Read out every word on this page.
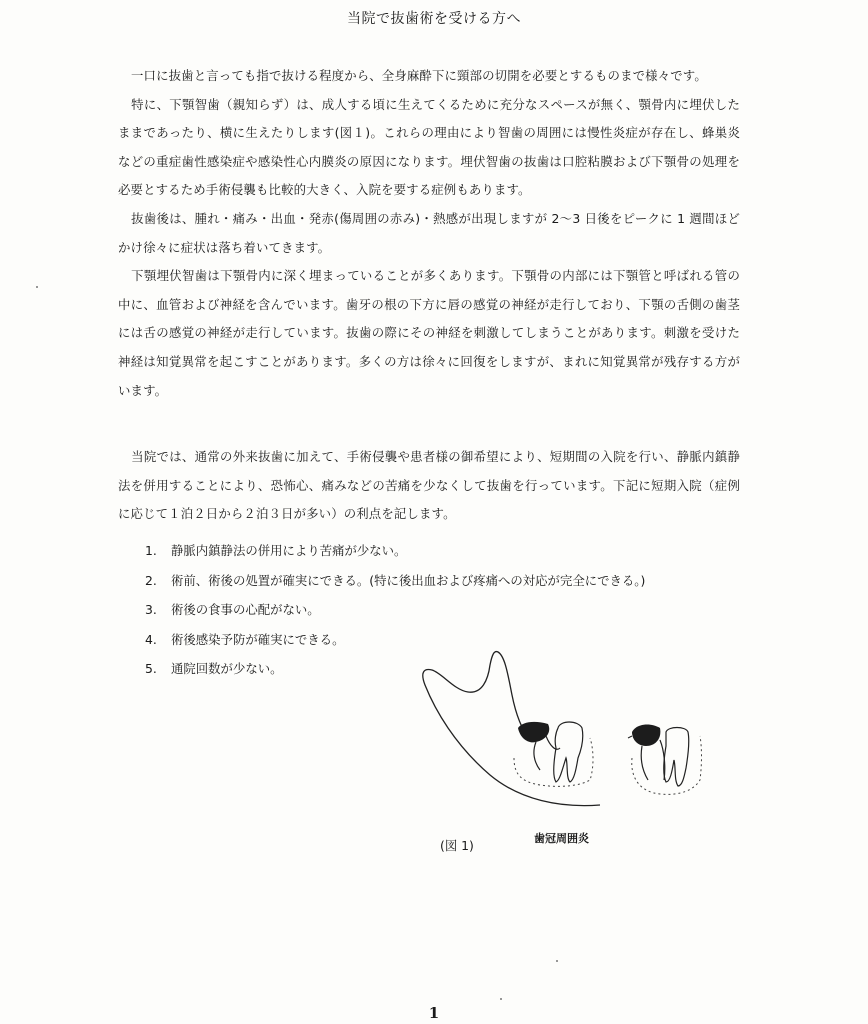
当院で抜歯術を受ける方へ
一口に抜歯と言っても指で抜ける程度から、全身麻酔下に頸部の切開を必要とするものまで様々です。
特に、下顎智歯（親知らず）は、成人する頃に生えてくるために充分なスペースが無く、顎骨内に埋伏したままであったり、横に生えたりします(図１)。これらの理由により智歯の周囲には慢性炎症が存在し、蜂巣炎などの重症歯性感染症や感染性心内膜炎の原因になります。埋伏智歯の抜歯は口腔粘膜および下顎骨の処理を必要とするため手術侵襲も比較的大きく、入院を要する症例もあります。
抜歯後は、腫れ・痛み・出血・発赤(傷周囲の赤み)・熱感が出現しますが 2～3 日後をピークに 1 週間ほどかけ徐々に症状は落ち着いてきます。
下顎埋伏智歯は下顎骨内に深く埋まっていることが多くあります。下顎骨の内部には下顎管と呼ばれる管の中に、血管および神経を含んでいます。歯牙の根の下方に唇の感覚の神経が走行しており、下顎の舌側の歯茎には舌の感覚の神経が走行しています。抜歯の際にその神経を刺激してしまうことがあります。刺激を受けた神経は知覚異常を起こすことがあります。多くの方は徐々に回復をしますが、まれに知覚異常が残存する方がいます。
当院では、通常の外来抜歯に加えて、手術侵襲や患者様の御希望により、短期間の入院を行い、静脈内鎮静法を併用することにより、恐怖心、痛みなどの苦痛を少なくして抜歯を行っています。下記に短期入院（症例に応じて１泊２日から２泊３日が多い）の利点を記します。
1. 静脈内鎮静法の併用により苦痛が少ない。
2. 術前、術後の処置が確実にできる。(特に後出血および疼痛への対応が完全にできる。)
3. 術後の食事の心配がない。
4. 術後感染予防が確実にできる。
5. 通院回数が少ない。
(図 1)	歯冠周囲炎
1
